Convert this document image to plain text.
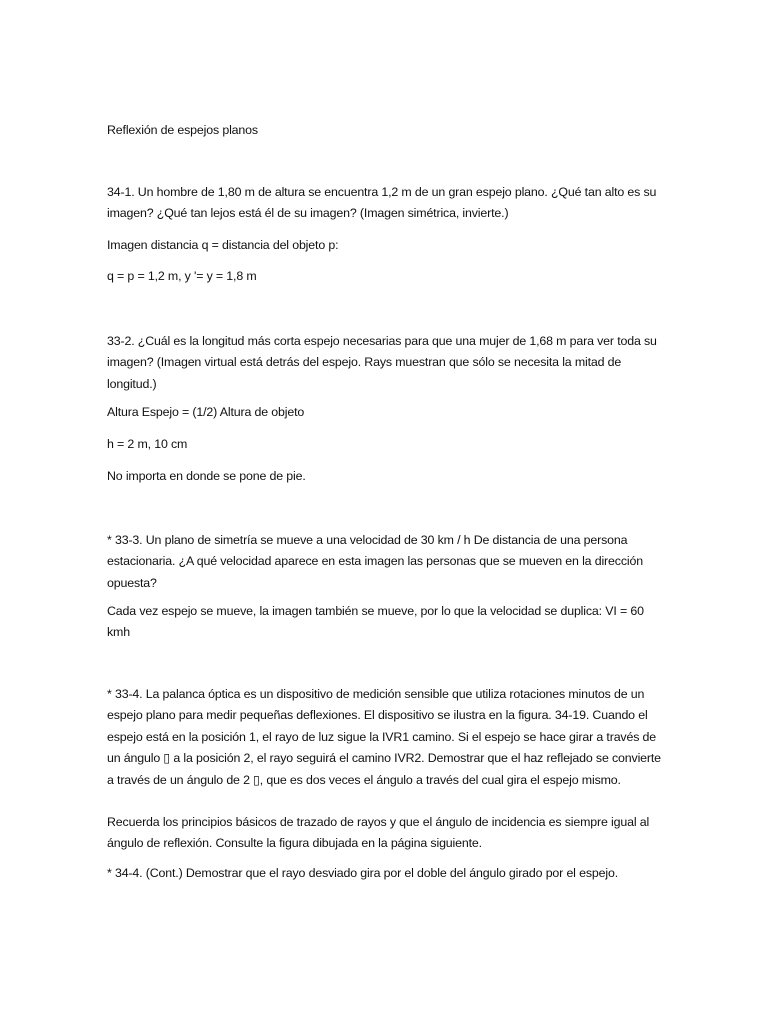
Reflexión de espejos planos

34-1. Un hombre de 1,80 m de altura se encuentra 1,2 m de un gran espejo plano. ¿Qué tan alto es su imagen? ¿Qué tan lejos está él de su imagen? (Imagen simétrica, invierte.)

Imagen distancia q = distancia del objeto p:

q = p = 1,2 m, y '= y = 1,8 m

33-2. ¿Cuál es la longitud más corta espejo necesarias para que una mujer de 1,68 m para ver toda su imagen? (Imagen virtual está detrás del espejo. Rays muestran que sólo se necesita la mitad de longitud.)

Altura Espejo = (1/2) Altura de objeto

h = 2 m, 10 cm

No importa en donde se pone de pie.

* 33-3. Un plano de simetría se mueve a una velocidad de 30 km / h De distancia de una persona estacionaria. ¿A qué velocidad aparece en esta imagen las personas que se mueven en la dirección opuesta?

Cada vez espejo se mueve, la imagen también se mueve, por lo que la velocidad se duplica: VI = 60 kmh

* 33-4. La palanca óptica es un dispositivo de medición sensible que utiliza rotaciones minutos de un espejo plano para medir pequeñas deflexiones. El dispositivo se ilustra en la figura. 34-19. Cuando el espejo está en la posición 1, el rayo de luz sigue la IVR1 camino. Si el espejo se hace girar a través de un ángulo ▯ a la posición 2, el rayo seguirá el camino IVR2. Demostrar que el haz reflejado se convierte a través de un ángulo de 2 ▯, que es dos veces el ángulo a través del cual gira el espejo mismo.

Recuerda los principios básicos de trazado de rayos y que el ángulo de incidencia es siempre igual al ángulo de reflexión. Consulte la figura dibujada en la página siguiente.

* 34-4. (Cont.) Demostrar que el rayo desviado gira por el doble del ángulo girado por el espejo.
